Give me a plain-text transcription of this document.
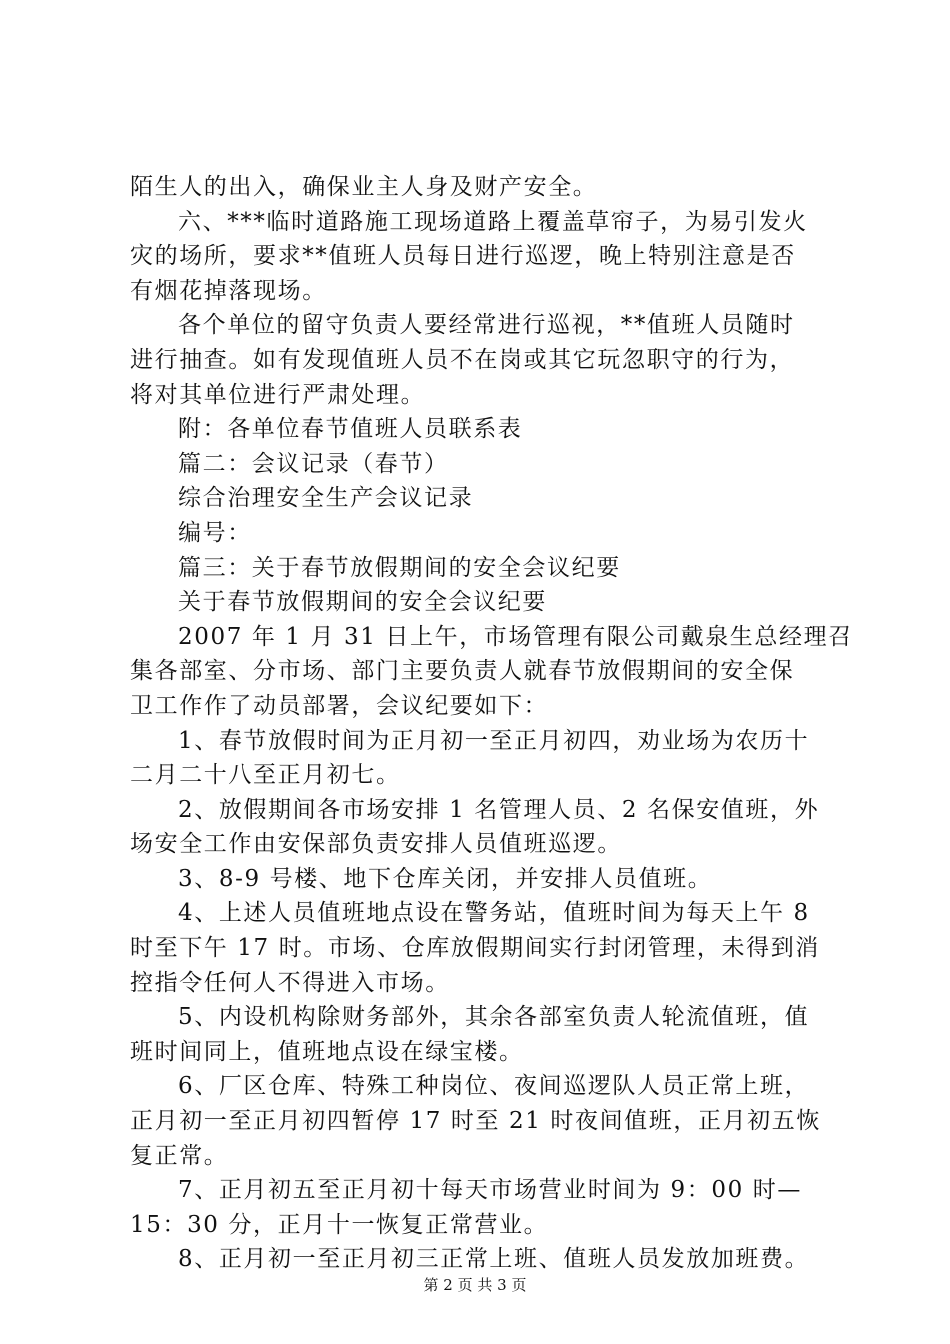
陌生人的出入，确保业主人身及财产安全。
六、***临时道路施工现场道路上覆盖草帘子，为易引发火
灾的场所，要求**值班人员每日进行巡逻，晚上特别注意是否
有烟花掉落现场。
各个单位的留守负责人要经常进行巡视，**值班人员随时
进行抽查。如有发现值班人员不在岗或其它玩忽职守的行为，
将对其单位进行严肃处理。
附：各单位春节值班人员联系表
篇二：会议记录（春节）
综合治理安全生产会议记录
编号：
篇三：关于春节放假期间的安全会议纪要
关于春节放假期间的安全会议纪要
2007 年 1 月 31 日上午，市场管理有限公司戴泉生总经理召
集各部室、分市场、部门主要负责人就春节放假期间的安全保
卫工作作了动员部署，会议纪要如下：
1、春节放假时间为正月初一至正月初四，劝业场为农历十
二月二十八至正月初七。
2、放假期间各市场安排 1 名管理人员、2 名保安值班，外
场安全工作由安保部负责安排人员值班巡逻。
3、8-9 号楼、地下仓库关闭，并安排人员值班。
4、上述人员值班地点设在警务站，值班时间为每天上午 8
时至下午 17 时。市场、仓库放假期间实行封闭管理，未得到消
控指令任何人不得进入市场。
5、内设机构除财务部外，其余各部室负责人轮流值班，值
班时间同上，值班地点设在绿宝楼。
6、厂区仓库、特殊工种岗位、夜间巡逻队人员正常上班，
正月初一至正月初四暂停 17 时至 21 时夜间值班，正月初五恢
复正常。
7、正月初五至正月初十每天市场营业时间为 9：00 时—
15：30 分，正月十一恢复正常营业。
8、正月初一至正月初三正常上班、值班人员发放加班费。
第 2 页 共 3 页
